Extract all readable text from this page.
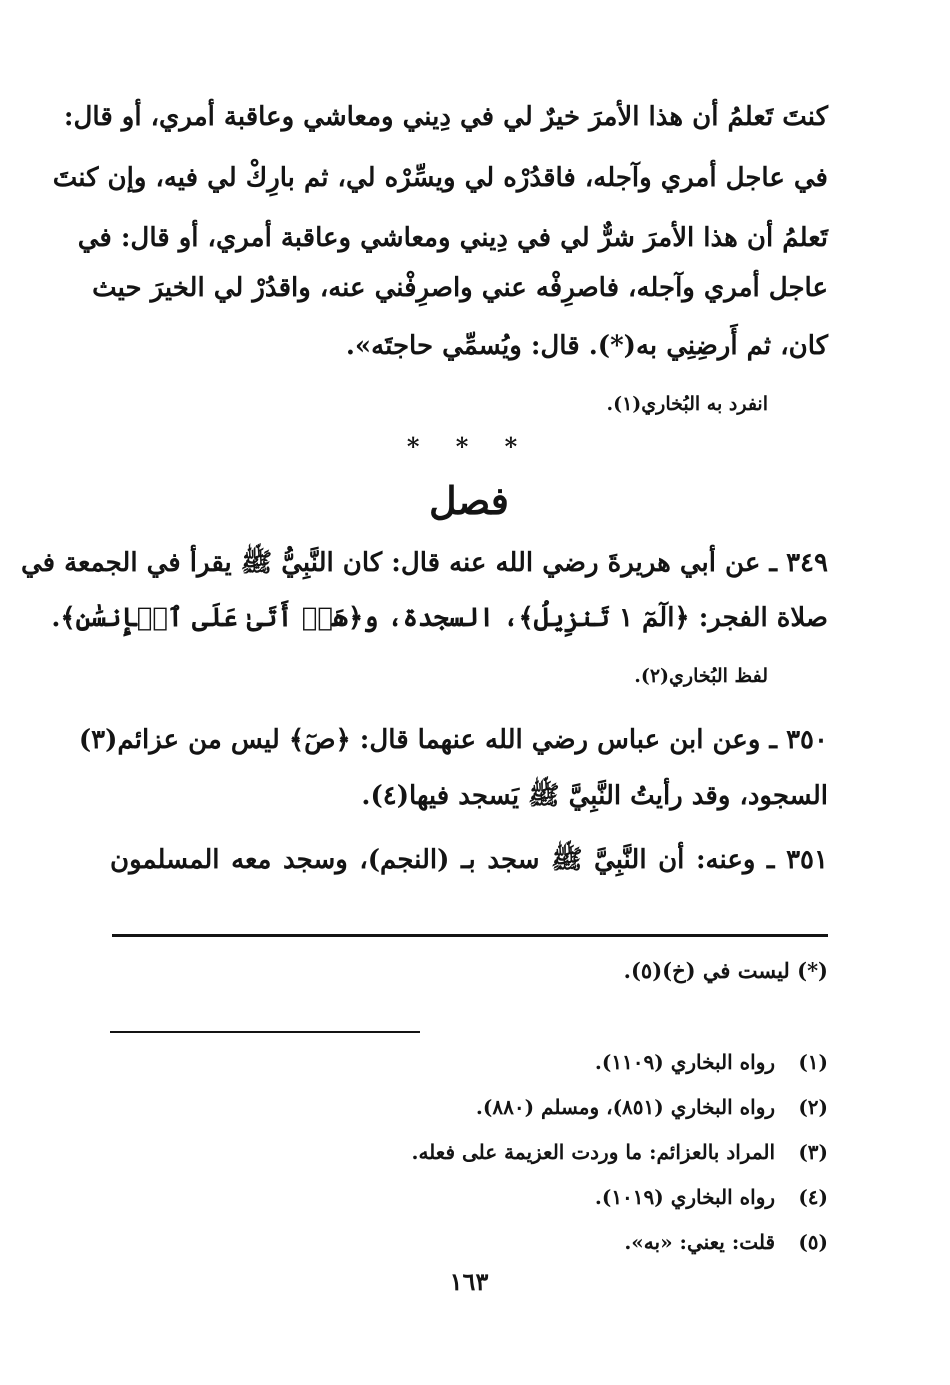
كنتَ تَعلمُ أن هذا الأمرَ خيرٌ لي في دِيني ومعاشي وعاقبة أمري، أو قال:
في عاجل أمري وآجله، فاقدُرْه لي ويسِّرْه لي، ثم بارِكْ لي فيه، وإن كنتَ
تَعلمُ أن هذا الأمرَ شرٌّ لي في دِيني ومعاشي وعاقبة أمري، أو قال: في
عاجل أمري وآجله، فاصرِفْه عني واصرِفْني عنه، واقدُرْ لي الخيرَ حيث
كان، ثم أَرضِنِي به(*). قال: ويُسمِّي حاجتَه».
انفرد به البُخاري(١).
* * *
فصل
٣٤٩ ـ عن أبي هريرةَ رضي الله عنه قال: كان النَّبِيُّ ﷺ يقرأ في الجمعة في
صلاة الفجر: ﴿الٓمٓ ١ تَنزِيلُ﴾، السجدة، و﴿هَلۡ أَتَىٰ عَلَى ٱلۡإِنسَٰنِ﴾.
لفظ البُخاري(٢).
٣٥٠ ـ وعن ابن عباس رضي الله عنهما قال: ﴿صٓ﴾ ليس من عزائم(٣)
السجود، وقد رأيتُ النَّبِيَّ ﷺ يَسجد فيها(٤).
٣٥١ ـ وعنه: أن النَّبِيَّ ﷺ سجد بـ (النجم)، وسجد معه المسلمون
(*) ليست في (خ)(٥).
(١) رواه البخاري (١١٠٩).
(٢) رواه البخاري (٨٥١)، ومسلم (٨٨٠).
(٣) المراد بالعزائم: ما وردت العزيمة على فعله.
(٤) رواه البخاري (١٠١٩).
(٥) قلت: يعني: «به».
١٦٣
